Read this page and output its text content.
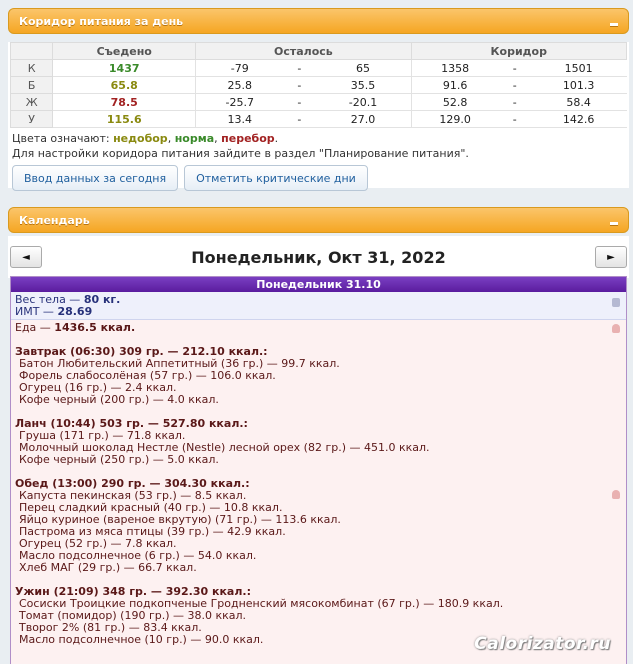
Коридор питания за день
	Съедено	Осталось			Коридор		
К	1437	-79	-	65	1358	-	1501
Б	65.8	25.8	-	35.5	91.6	-	101.3
Ж	78.5	-25.7	-	-20.1	52.8	-	58.4
У	115.6	13.4	-	27.0	129.0	-	142.6
Цвета означают: недобор, норма, перебор.
Для настройки коридора питания зайдите в раздел "Планирование питания".
Ввод данных за сегодня	Отметить критические дни
Календарь
◄	Понедельник, Окт 31, 2022	►
Понедельник 31.10
Вес тела — 80 кг.
ИМТ — 28.69
Еда — 1436.5 ккал.
Завтрак (06:30) 309 гр. — 212.10 ккал.:
Батон Любительский Аппетитный (36 гр.) — 99.7 ккал.
Форель слабосолёная (57 гр.) — 106.0 ккал.
Огурец (16 гр.) — 2.4 ккал.
Кофе черный (200 гр.) — 4.0 ккал.
Ланч (10:44) 503 гр. — 527.80 ккал.:
Груша (171 гр.) — 71.8 ккал.
Молочный шоколад Нестле (Nestle) лесной орех (82 гр.) — 451.0 ккал.
Кофе черный (250 гр.) — 5.0 ккал.
Обед (13:00) 290 гр. — 304.30 ккал.:
Капуста пекинская (53 гр.) — 8.5 ккал.
Перец сладкий красный (40 гр.) — 10.8 ккал.
Яйцо куриное (вареное вкрутую) (71 гр.) — 113.6 ккал.
Пастрома из мяса птицы (39 гр.) — 42.9 ккал.
Огурец (52 гр.) — 7.8 ккал.
Масло подсолнечное (6 гр.) — 54.0 ккал.
Хлеб МАГ (29 гр.) — 66.7 ккал.
Ужин (21:09) 348 гр. — 392.30 ккал.:
Сосиски Троицкие подкопченые Гродненский мясокомбинат (67 гр.) — 180.9 ккал.
Томат (помидор) (190 гр.) — 38.0 ккал.
Творог 2% (81 гр.) — 83.4 ккал.
Масло подсолнечное (10 гр.) — 90.0 ккал.	Calorizator.ru
